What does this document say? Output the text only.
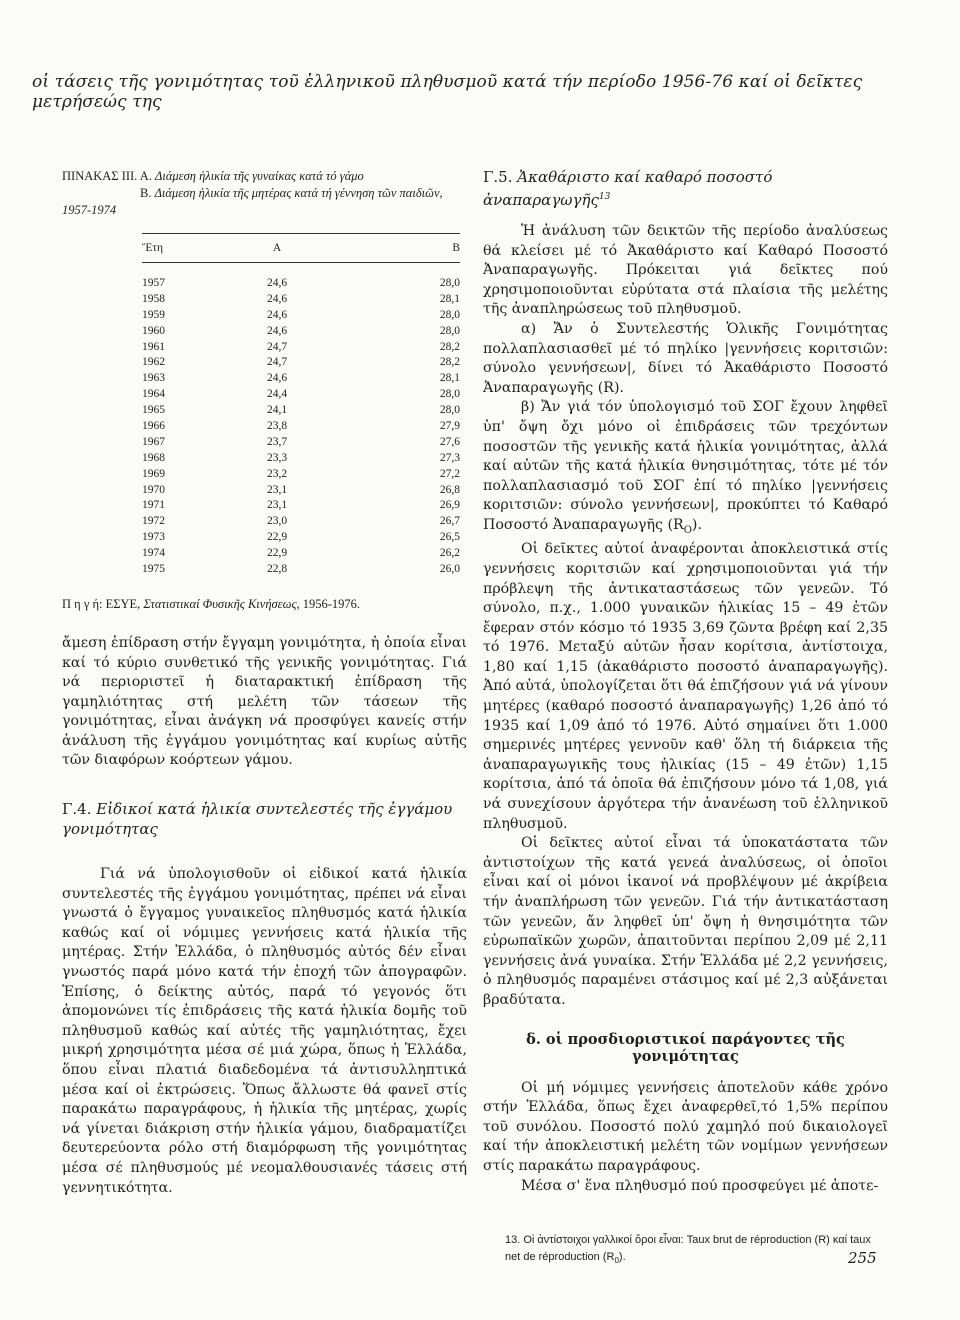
οἱ τάσεις τῆς γονιμότητας τοῦ ἑλληνικοῦ πληθυσμοῦ κατά τήν περίοδο 1956-76 καί οἱ δεῖκτες μετρήσεώς της
ΠΙΝΑΚΑΣ ΙΙΙ. Α. Διάμεση ἡλικία τῆς γυναίκας κατά τό γάμο
Β. Διάμεση ἡλικία τῆς μητέρας κατά τή γέννηση τῶν παιδιῶν, 1957-1974
Ἔτη	Α	Β
1957	24,6	28,0
1958	24,6	28,1
1959	24,6	28,0
1960	24,6	28,0
1961	24,7	28,2
1962	24,7	28,2
1963	24,6	28,1
1964	24,4	28,0
1965	24,1	28,0
1966	23,8	27,9
1967	23,7	27,6
1968	23,3	27,3
1969	23,2	27,2
1970	23,1	26,8
1971	23,1	26,9
1972	23,0	26,7
1973	22,9	26,5
1974	22,9	26,2
1975	22,8	26,0
Π η γ ή: ΕΣΥΕ, Στατιστικαί Φυσικῆς Κινήσεως, 1956-1976.

ἄμεση ἐπίδραση στήν ἔγγαμη γονιμότητα, ἡ ὁποία εἶναι καί τό κύριο συνθετικό τῆς γενικῆς γονιμότητας. Γιά νά περιοριστεῖ ἡ διαταρακτική ἐπίδραση τῆς γαμηλιότητας στή μελέτη τῶν τάσεων τῆς γονιμότητας, εἶναι ἀνάγκη νά προσφύγει κανείς στήν ἀνάλυση τῆς ἐγγάμου γονιμότητας καί κυρίως αὐτῆς τῶν διαφόρων κοόρτεων γάμου.

Γ.4. Εἰδικοί κατά ἡλικία συντελεστές τῆς ἐγγάμου γονιμότητας

Γιά νά ὑπολογισθοῦν οἱ εἰδικοί κατά ἡλικία συντελεστές τῆς ἐγγάμου γονιμότητας, πρέπει νά εἶναι γνωστά ὁ ἔγγαμος γυναικεῖος πληθυσμός κατά ἡλικία καθώς καί οἱ νόμιμες γεννήσεις κατά ἡλικία τῆς μητέρας. Στήν Ἑλλάδα, ὁ πληθυσμός αὐτός δέν εἶναι γνωστός παρά μόνο κατά τήν ἐποχή τῶν ἀπογραφῶν. Ἐπίσης, ὁ δείκτης αὐτός, παρά τό γεγονός ὅτι ἀπομονώνει τίς ἐπιδράσεις τῆς κατά ἡλικία δομῆς τοῦ πληθυσμοῦ καθώς καί αὐτές τῆς γαμηλιότητας, ἔχει μικρή χρησιμότητα μέσα σέ μιά χώρα, ὅπως ἡ Ἑλλάδα, ὅπου εἶναι πλατιά διαδεδομένα τά ἀντισυλληπτικά μέσα καί οἱ ἐκτρώσεις. Ὅπως ἄλλωστε θά φανεῖ στίς παρακάτω παραγράφους, ἡ ἡλικία τῆς μητέρας, χωρίς νά γίνεται διάκριση στήν ἡλικία γάμου, διαδραματίζει δευτερεύοντα ρόλο στή διαμόρφωση τῆς γονιμότητας μέσα σέ πληθυσμούς μέ νεομαλθουσιανές τάσεις στή γεννητικότητα.

Γ.5. Ἀκαθάριστο καί καθαρό ποσοστό ἀναπαραγωγῆς$^{13}$

Ἡ ἀνάλυση τῶν δεικτῶν τῆς περίοδο ἀναλύσεως θά κλείσει μέ τό Ἀκαθάριστο καί Καθαρό Ποσοστό Ἀναπαραγωγῆς. Πρόκειται γιά δεῖκτες πού χρησιμοποιοῦνται εὐρύτατα στά πλαίσια τῆς μελέτης τῆς ἀναπληρώσεως τοῦ πληθυσμοῦ.

α) Ἄν ὁ Συντελεστής Ὁλικῆς Γονιμότητας πολλαπλασιασθεῖ μέ τό πηλίκο |γεννήσεις κοριτσιῶν: σύνολο γεννήσεων|, δίνει τό Ἀκαθάριστο Ποσοστό Ἀναπαραγωγῆς (R).

β) Ἄν γιά τόν ὑπολογισμό τοῦ ΣΟΓ ἔχουν ληφθεῖ ὑπ' ὄψη ὄχι μόνο οἱ ἐπιδράσεις τῶν τρεχόντων ποσοστῶν τῆς γενικῆς κατά ἡλικία γονιμότητας, ἀλλά καί αὐτῶν τῆς κατά ἡλικία θνησιμότητας, τότε μέ τόν πολλαπλασιασμό τοῦ ΣΟΓ ἐπί τό πηλίκο |γεννήσεις κοριτσιῶν: σύνολο γεννήσεων|, προκύπτει τό Καθαρό Ποσοστό Ἀναπαραγωγῆς $(R_O)$.

Οἱ δεῖκτες αὐτοί ἀναφέρονται ἀποκλειστικά στίς γεννήσεις κοριτσιῶν καί χρησιμοποιοῦνται γιά τήν πρόβλεψη τῆς ἀντικαταστάσεως τῶν γενεῶν. Τό σύνολο, π.χ., 1.000 γυναικῶν ἡλικίας 15 – 49 ἐτῶν ἔφεραν στόν κόσμο τό 1935 3,69 ζῶντα βρέφη καί 2,35 τό 1976. Μεταξύ αὐτῶν ἦσαν κορίτσια, ἀντίστοιχα, 1,80 καί 1,15 (ἀκαθάριστο ποσοστό ἀναπαραγωγῆς). Ἀπό αὐτά, ὑπολογίζεται ὅτι θά ἐπιζήσουν γιά νά γίνουν μητέρες (καθαρό ποσοστό ἀναπαραγωγῆς) 1,26 ἀπό τό 1935 καί 1,09 ἀπό τό 1976. Αὐτό σημαίνει ὅτι 1.000 σημερινές μητέρες γεννοῦν καθ' ὅλη τή διάρκεια τῆς ἀναπαραγωγικῆς τους ἡλικίας (15 – 49 ἐτῶν) 1,15 κορίτσια, ἀπό τά ὁποῖα θά ἐπιζήσουν μόνο τά 1,08, γιά νά συνεχίσουν ἀργότερα τήν ἀνανέωση τοῦ ἑλληνικοῦ πληθυσμοῦ.

Οἱ δεῖκτες αὐτοί εἶναι τά ὑποκατάστατα τῶν ἀντιστοίχων τῆς κατά γενεά ἀναλύσεως, οἱ ὁποῖοι εἶναι καί οἱ μόνοι ἱκανοί νά προβλέψουν μέ ἀκρίβεια τήν ἀναπλήρωση τῶν γενεῶν. Γιά τήν ἀντικατάσταση τῶν γενεῶν, ἄν ληφθεῖ ὑπ' ὄψη ἡ θνησιμότητα τῶν εὐρωπαϊκῶν χωρῶν, ἀπαιτοῦνται περίπου 2,09 μέ 2,11 γεννήσεις ἀνά γυναίκα. Στήν Ἑλλάδα μέ 2,2 γεννήσεις, ὁ πληθυσμός παραμένει στάσιμος καί μέ 2,3 αὐξάνεται βραδύτατα.

δ. οἱ προσδιοριστικοί παράγοντες τῆς γονιμότητας

Οἱ μή νόμιμες γεννήσεις ἀποτελοῦν κάθε χρόνο στήν Ἑλλάδα, ὅπως ἔχει ἀναφερθεῖ,τό 1,5% περίπου τοῦ συνόλου. Ποσοστό πολύ χαμηλό πού δικαιολογεῖ καί τήν ἀποκλειστική μελέτη τῶν νομίμων γεννήσεων στίς παρακάτω παραγράφους.

Μέσα σ' ἕνα πληθυσμό πού προσφεύγει μέ ἀποτε-

13. Οἱ ἀντίστοιχοι γαλλικοί ὅροι εἶναι: Taux brut de réproduction (R) καί taux net de réproduction $(R_0)$.	255
